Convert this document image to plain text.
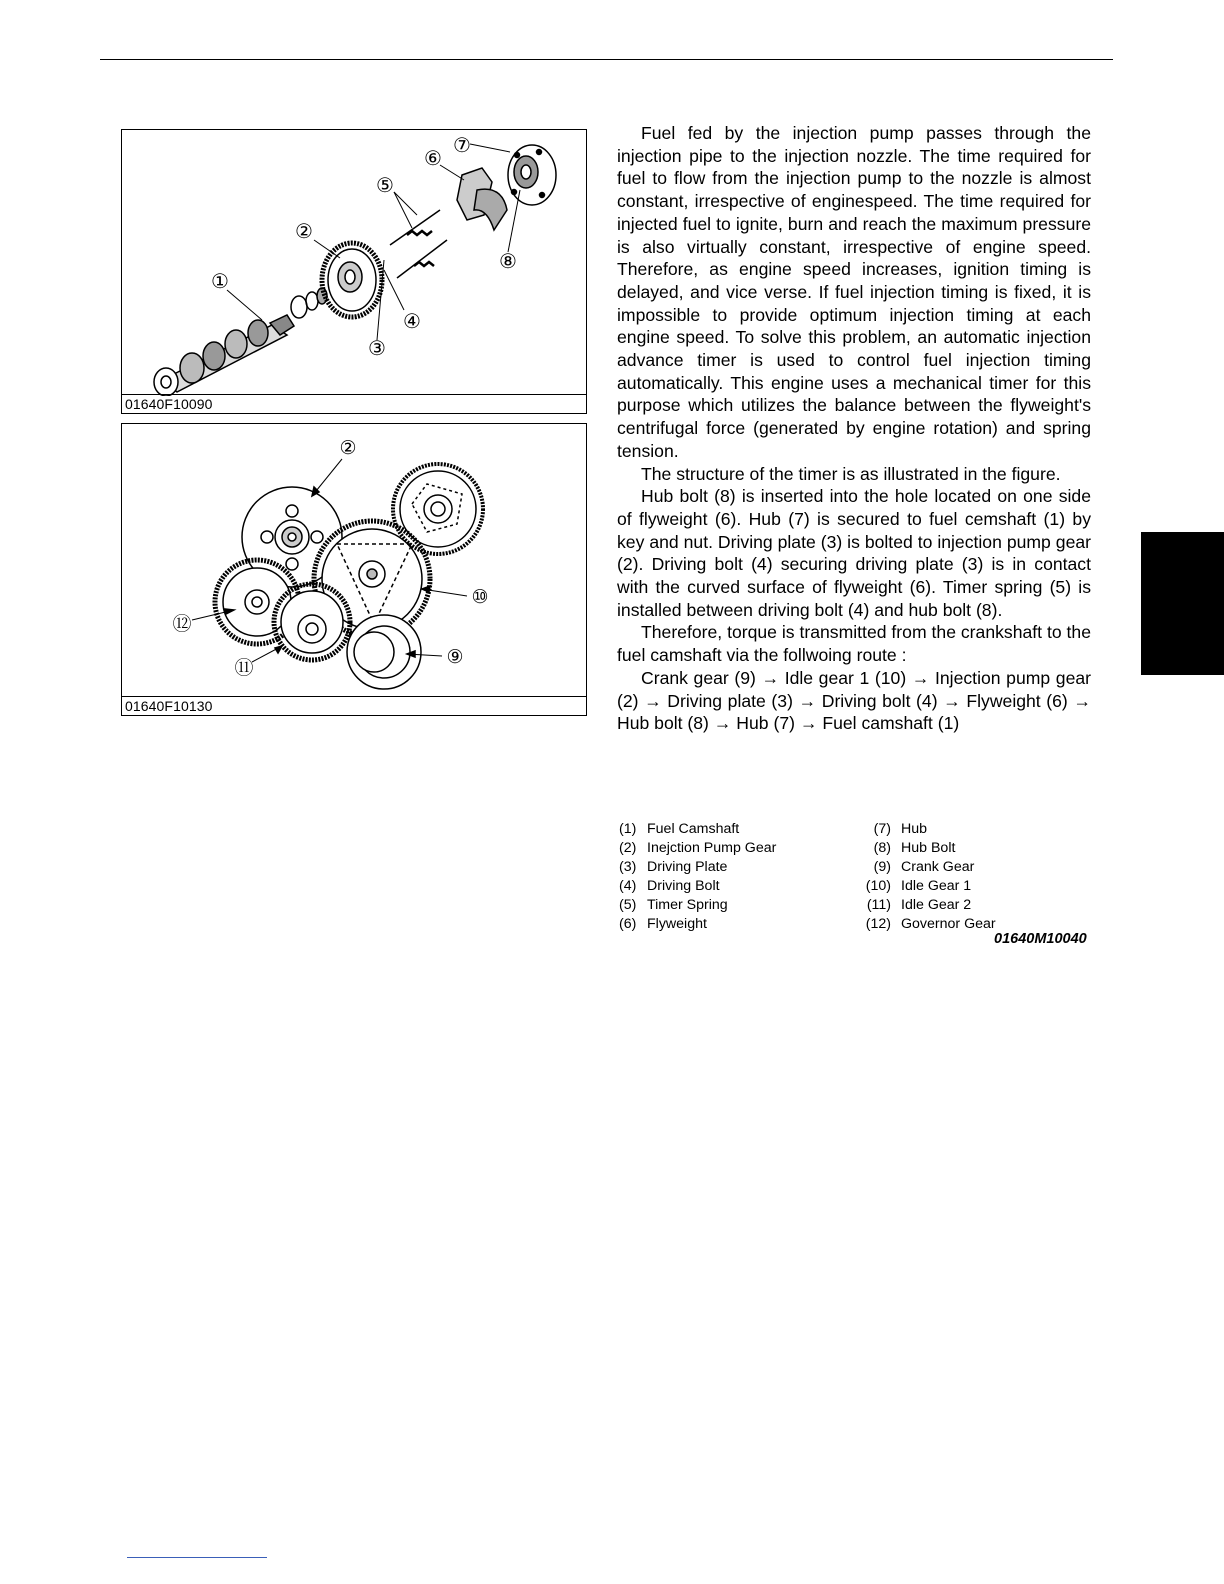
①
②
③
④
⑤
⑥
⑦
⑧
01640F10090
②
⑨
⑩
⑪
⑫
01640F10130

Fuel fed by the injection pump passes through the injection pipe to the injection nozzle. The time required for fuel to flow from the injection pump to the nozzle is almost constant, irrespective of enginespeed. The time required for injected fuel to ignite, burn and reach the maximum pressure is also virtually constant, irrespective of engine speed. Therefore, as engine speed increases, ignition timing is delayed, and vice verse. If fuel injection timing is fixed, it is impossible to provide optimum injection timing at each engine speed. To solve this problem, an automatic injection advance timer is used to control fuel injection timing automatically. This engine uses a mechanical timer for this purpose which utilizes the balance between the flyweight's centrifugal force (generated by engine rotation) and spring tension.

The structure of the timer is as illustrated in the figure.

Hub bolt (8) is inserted into the hole located on one side of flyweight (6). Hub (7) is secured to fuel cemshaft (1) by key and nut. Driving plate (3) is bolted to injection pump gear (2). Driving bolt (4) securing driving plate (3) is in contact with the curved surface of flyweight (6). Timer spring (5) is installed between driving bolt (4) and hub bolt (8).

Therefore, torque is transmitted from the crankshaft to the fuel camshaft via the follwoing route :

Crank gear (9) → Idle gear 1 (10) → Injection pump gear (2) → Driving plate (3) → Driving bolt (4) → Flyweight (6) → Hub bolt (8) → Hub (7) → Fuel camshaft (1)

(1) Fuel Camshaft
(2) Inejction Pump Gear
(3) Driving Plate
(4) Driving Bolt
(5) Timer Spring
(6) Flyweight
(7) Hub
(8) Hub Bolt
(9) Crank Gear
(10) Idle Gear 1
(11) Idle Gear 2
(12) Governor Gear
01640M10040
